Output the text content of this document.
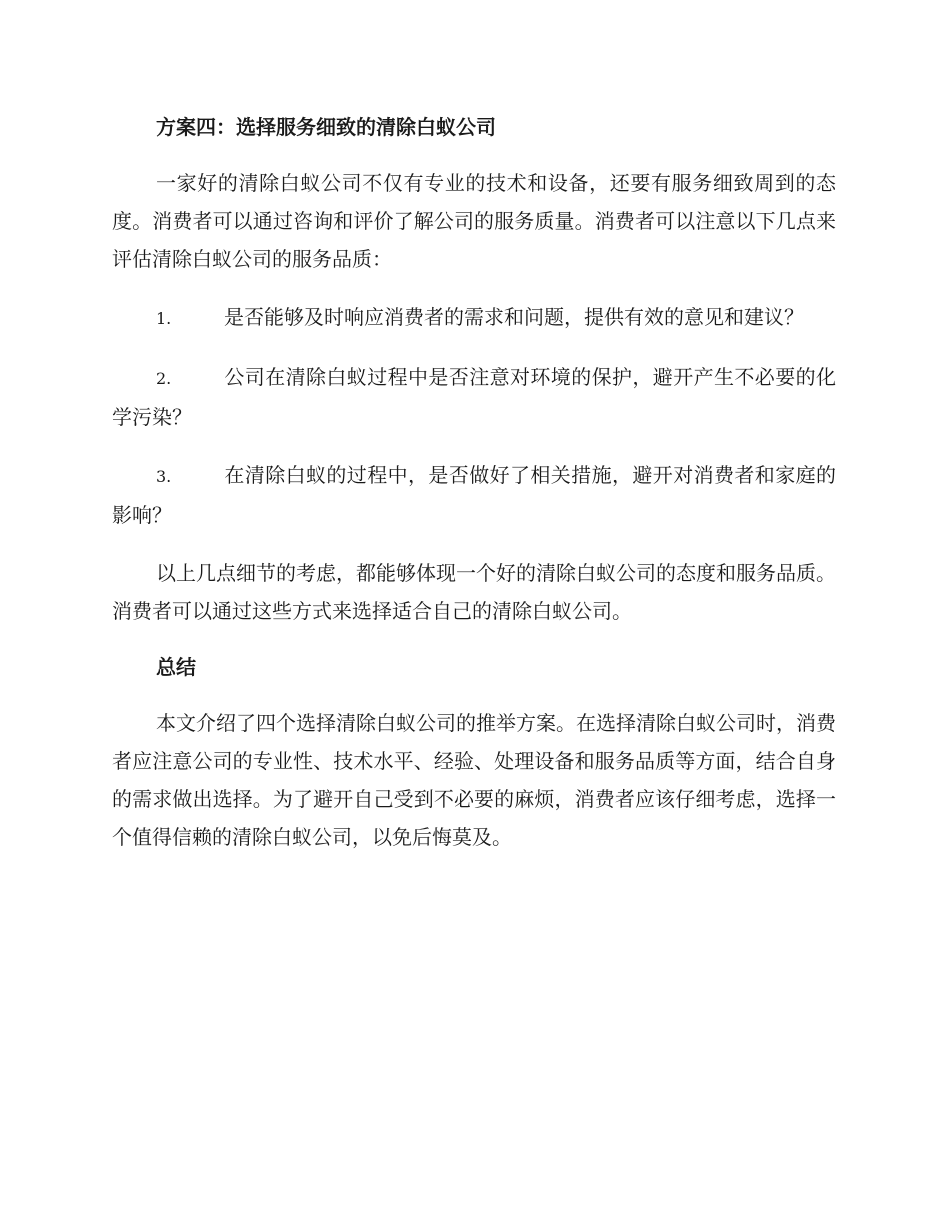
方案四：选择服务细致的清除白蚁公司

一家好的清除白蚁公司不仅有专业的技术和设备，还要有服务细致周到的态度。消费者可以通过咨询和评价了解公司的服务质量。消费者可以注意以下几点来评估清除白蚁公司的服务品质：

1.	是否能够及时响应消费者的需求和问题，提供有效的意见和建议？

2.	公司在清除白蚁过程中是否注意对环境的保护，避开产生不必要的化学污染？

3.	在清除白蚁的过程中，是否做好了相关措施，避开对消费者和家庭的影响？

以上几点细节的考虑，都能够体现一个好的清除白蚁公司的态度和服务品质。消费者可以通过这些方式来选择适合自己的清除白蚁公司。

总结

本文介绍了四个选择清除白蚁公司的推举方案。在选择清除白蚁公司时，消费者应注意公司的专业性、技术水平、经验、处理设备和服务品质等方面，结合自身的需求做出选择。为了避开自己受到不必要的麻烦，消费者应该仔细考虑，选择一个值得信赖的清除白蚁公司，以免后悔莫及。
